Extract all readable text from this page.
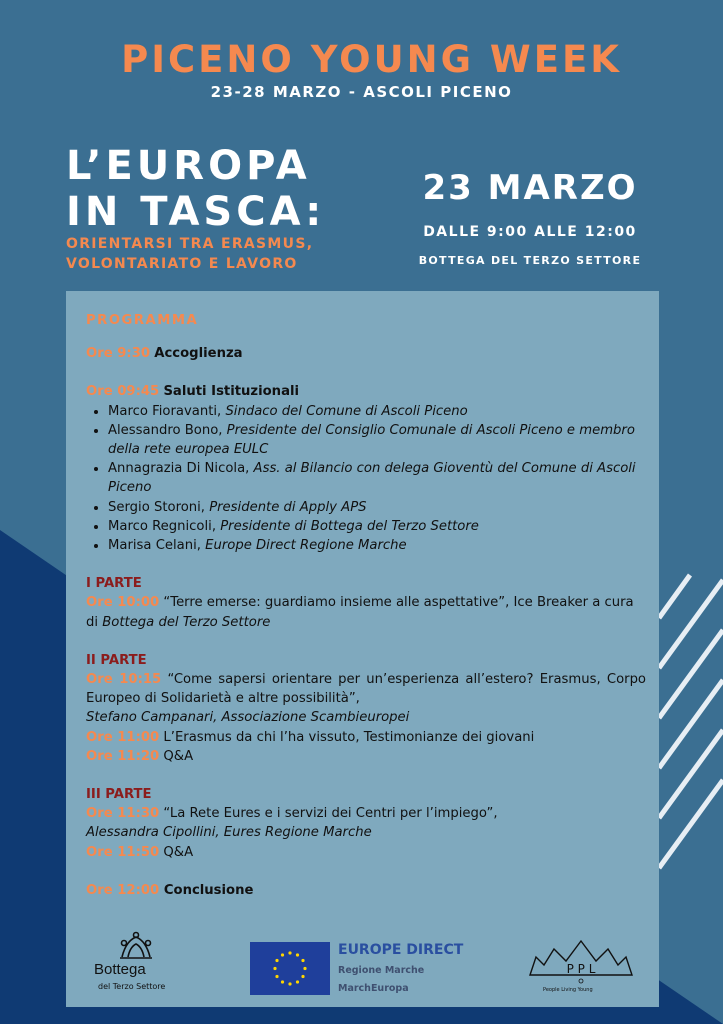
PICENO YOUNG WEEK
23-28 MARZO - ASCOLI PICENO
L’EUROPA
IN TASCA:
ORIENTARSI TRA ERASMUS,
VOLONTARIATO E LAVORO
23 MARZO
DALLE 9:00 ALLE 12:00
BOTTEGA DEL TERZO SETTORE
PROGRAMMA
Ore 9:30 Accoglienza
Ore 09:45 Saluti Istituzionali
• Marco Fioravanti, Sindaco del Comune di Ascoli Piceno
• Alessandro Bono, Presidente del Consiglio Comunale di Ascoli Piceno e membro della rete europea EULC
• Annagrazia Di Nicola, Ass. al Bilancio con delega Gioventù del Comune di Ascoli Piceno
• Sergio Storoni, Presidente di Apply APS
• Marco Regnicoli, Presidente di Bottega del Terzo Settore
• Marisa Celani, Europe Direct Regione Marche
I PARTE
Ore 10:00 “Terre emerse: guardiamo insieme alle aspettative”, Ice Breaker a cura di Bottega del Terzo Settore
II PARTE
Ore 10:15 “Come sapersi orientare per un’esperienza all’estero? Erasmus, Corpo Europeo di Solidarietà e altre possibilità”,
Stefano Campanari, Associazione Scambieuropei
Ore 11:00 L’Erasmus da chi l’ha vissuto, Testimonianze dei giovani
Ore 11:20 Q&A
III PARTE
Ore 11:30 “La Rete Eures e i servizi dei Centri per l’impiego”,
Alessandra Cipollini, Eures Regione Marche
Ore 11:50 Q&A
Ore 12:00 Conclusione
Bottega
del Terzo Settore
EUROPE DIRECT
Regione Marche
MarchEuropa
P P L
People Living Young
